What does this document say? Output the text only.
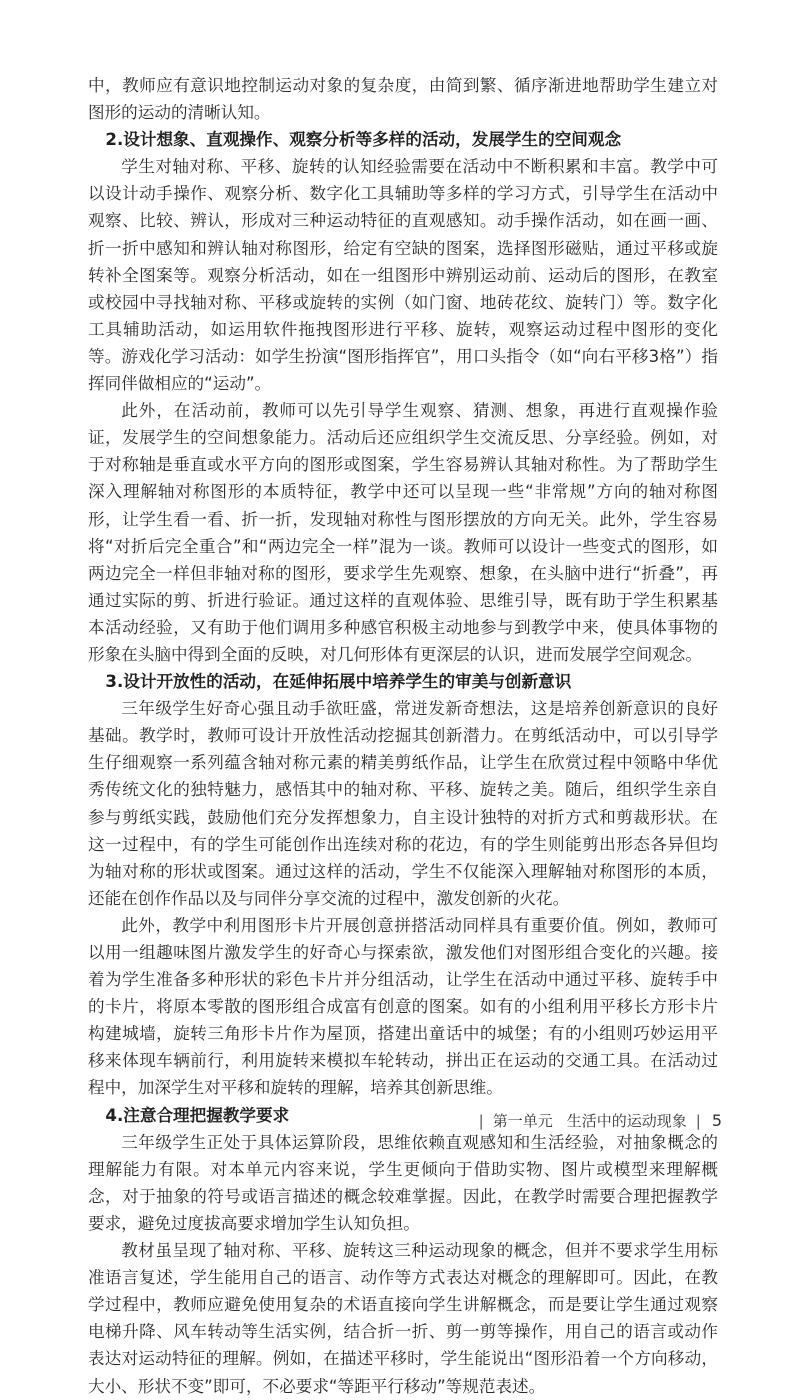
中，教师应有意识地控制运动对象的复杂度，由简到繁、循序渐进地帮助学生建立对图形的运动的清晰认知。

2.设计想象、直观操作、观察分析等多样的活动，发展学生的空间观念

学生对轴对称、平移、旋转的认知经验需要在活动中不断积累和丰富。教学中可以设计动手操作、观察分析、数字化工具辅助等多样的学习方式，引导学生在活动中观察、比较、辨认，形成对三种运动特征的直观感知。动手操作活动，如在画一画、折一折中感知和辨认轴对称图形，给定有空缺的图案，选择图形磁贴，通过平移或旋转补全图案等。观察分析活动，如在一组图形中辨别运动前、运动后的图形，在教室或校园中寻找轴对称、平移或旋转的实例（如门窗、地砖花纹、旋转门）等。数字化工具辅助活动，如运用软件拖拽图形进行平移、旋转，观察运动过程中图形的变化等。游戏化学习活动：如学生扮演“图形指挥官”，用口头指令（如“向右平移3格”）指挥同伴做相应的“运动”。

此外，在活动前，教师可以先引导学生观察、猜测、想象，再进行直观操作验证，发展学生的空间想象能力。活动后还应组织学生交流反思、分享经验。例如，对于对称轴是垂直或水平方向的图形或图案，学生容易辨认其轴对称性。为了帮助学生深入理解轴对称图形的本质特征，教学中还可以呈现一些“非常规”方向的轴对称图形，让学生看一看、折一折，发现轴对称性与图形摆放的方向无关。此外，学生容易将“对折后完全重合”和“两边完全一样”混为一谈。教师可以设计一些变式的图形，如两边完全一样但非轴对称的图形，要求学生先观察、想象，在头脑中进行“折叠”，再通过实际的剪、折进行验证。通过这样的直观体验、思维引导，既有助于学生积累基本活动经验，又有助于他们调用多种感官积极主动地参与到教学中来，使具体事物的形象在头脑中得到全面的反映，对几何形体有更深层的认识，进而发展学空间观念。

3.设计开放性的活动，在延伸拓展中培养学生的审美与创新意识

三年级学生好奇心强且动手欲旺盛，常迸发新奇想法，这是培养创新意识的良好基础。教学时，教师可设计开放性活动挖掘其创新潜力。在剪纸活动中，可以引导学生仔细观察一系列蕴含轴对称元素的精美剪纸作品，让学生在欣赏过程中领略中华优秀传统文化的独特魅力，感悟其中的轴对称、平移、旋转之美。随后，组织学生亲自参与剪纸实践，鼓励他们充分发挥想象力，自主设计独特的对折方式和剪裁形状。在这一过程中，有的学生可能创作出连续对称的花边，有的学生则能剪出形态各异但均为轴对称的形状或图案。通过这样的活动，学生不仅能深入理解轴对称图形的本质，还能在创作作品以及与同伴分享交流的过程中，激发创新的火花。

此外，教学中利用图形卡片开展创意拼搭活动同样具有重要价值。例如，教师可以用一组趣味图片激发学生的好奇心与探索欲，激发他们对图形组合变化的兴趣。接着为学生准备多种形状的彩色卡片并分组活动，让学生在活动中通过平移、旋转手中的卡片，将原本零散的图形组合成富有创意的图案。如有的小组利用平移长方形卡片构建城墙，旋转三角形卡片作为屋顶，搭建出童话中的城堡；有的小组则巧妙运用平移来体现车辆前行，利用旋转来模拟车轮转动，拼出正在运动的交通工具。在活动过程中，加深学生对平移和旋转的理解，培养其创新思维。

4.注意合理把握教学要求

三年级学生正处于具体运算阶段，思维依赖直观感知和生活经验，对抽象概念的理解能力有限。对本单元内容来说，学生更倾向于借助实物、图片或模型来理解概念，对于抽象的符号或语言描述的概念较难掌握。因此，在教学时需要合理把握教学要求，避免过度拔高要求增加学生认知负担。

教材虽呈现了轴对称、平移、旋转这三种运动现象的概念，但并不要求学生用标准语言复述，学生能用自己的语言、动作等方式表达对概念的理解即可。因此，在教学过程中，教师应避免使用复杂的术语直接向学生讲解概念，而是要让学生通过观察电梯升降、风车转动等生活实例，结合折一折、剪一剪等操作，用自己的语言或动作表达对运动特征的理解。例如，在描述平移时，学生能说出“图形沿着一个方向移动，大小、形状不变”即可，不必要求“等距平行移动”等规范表述。

| 第一单元 生活中的运动现象 | 5
